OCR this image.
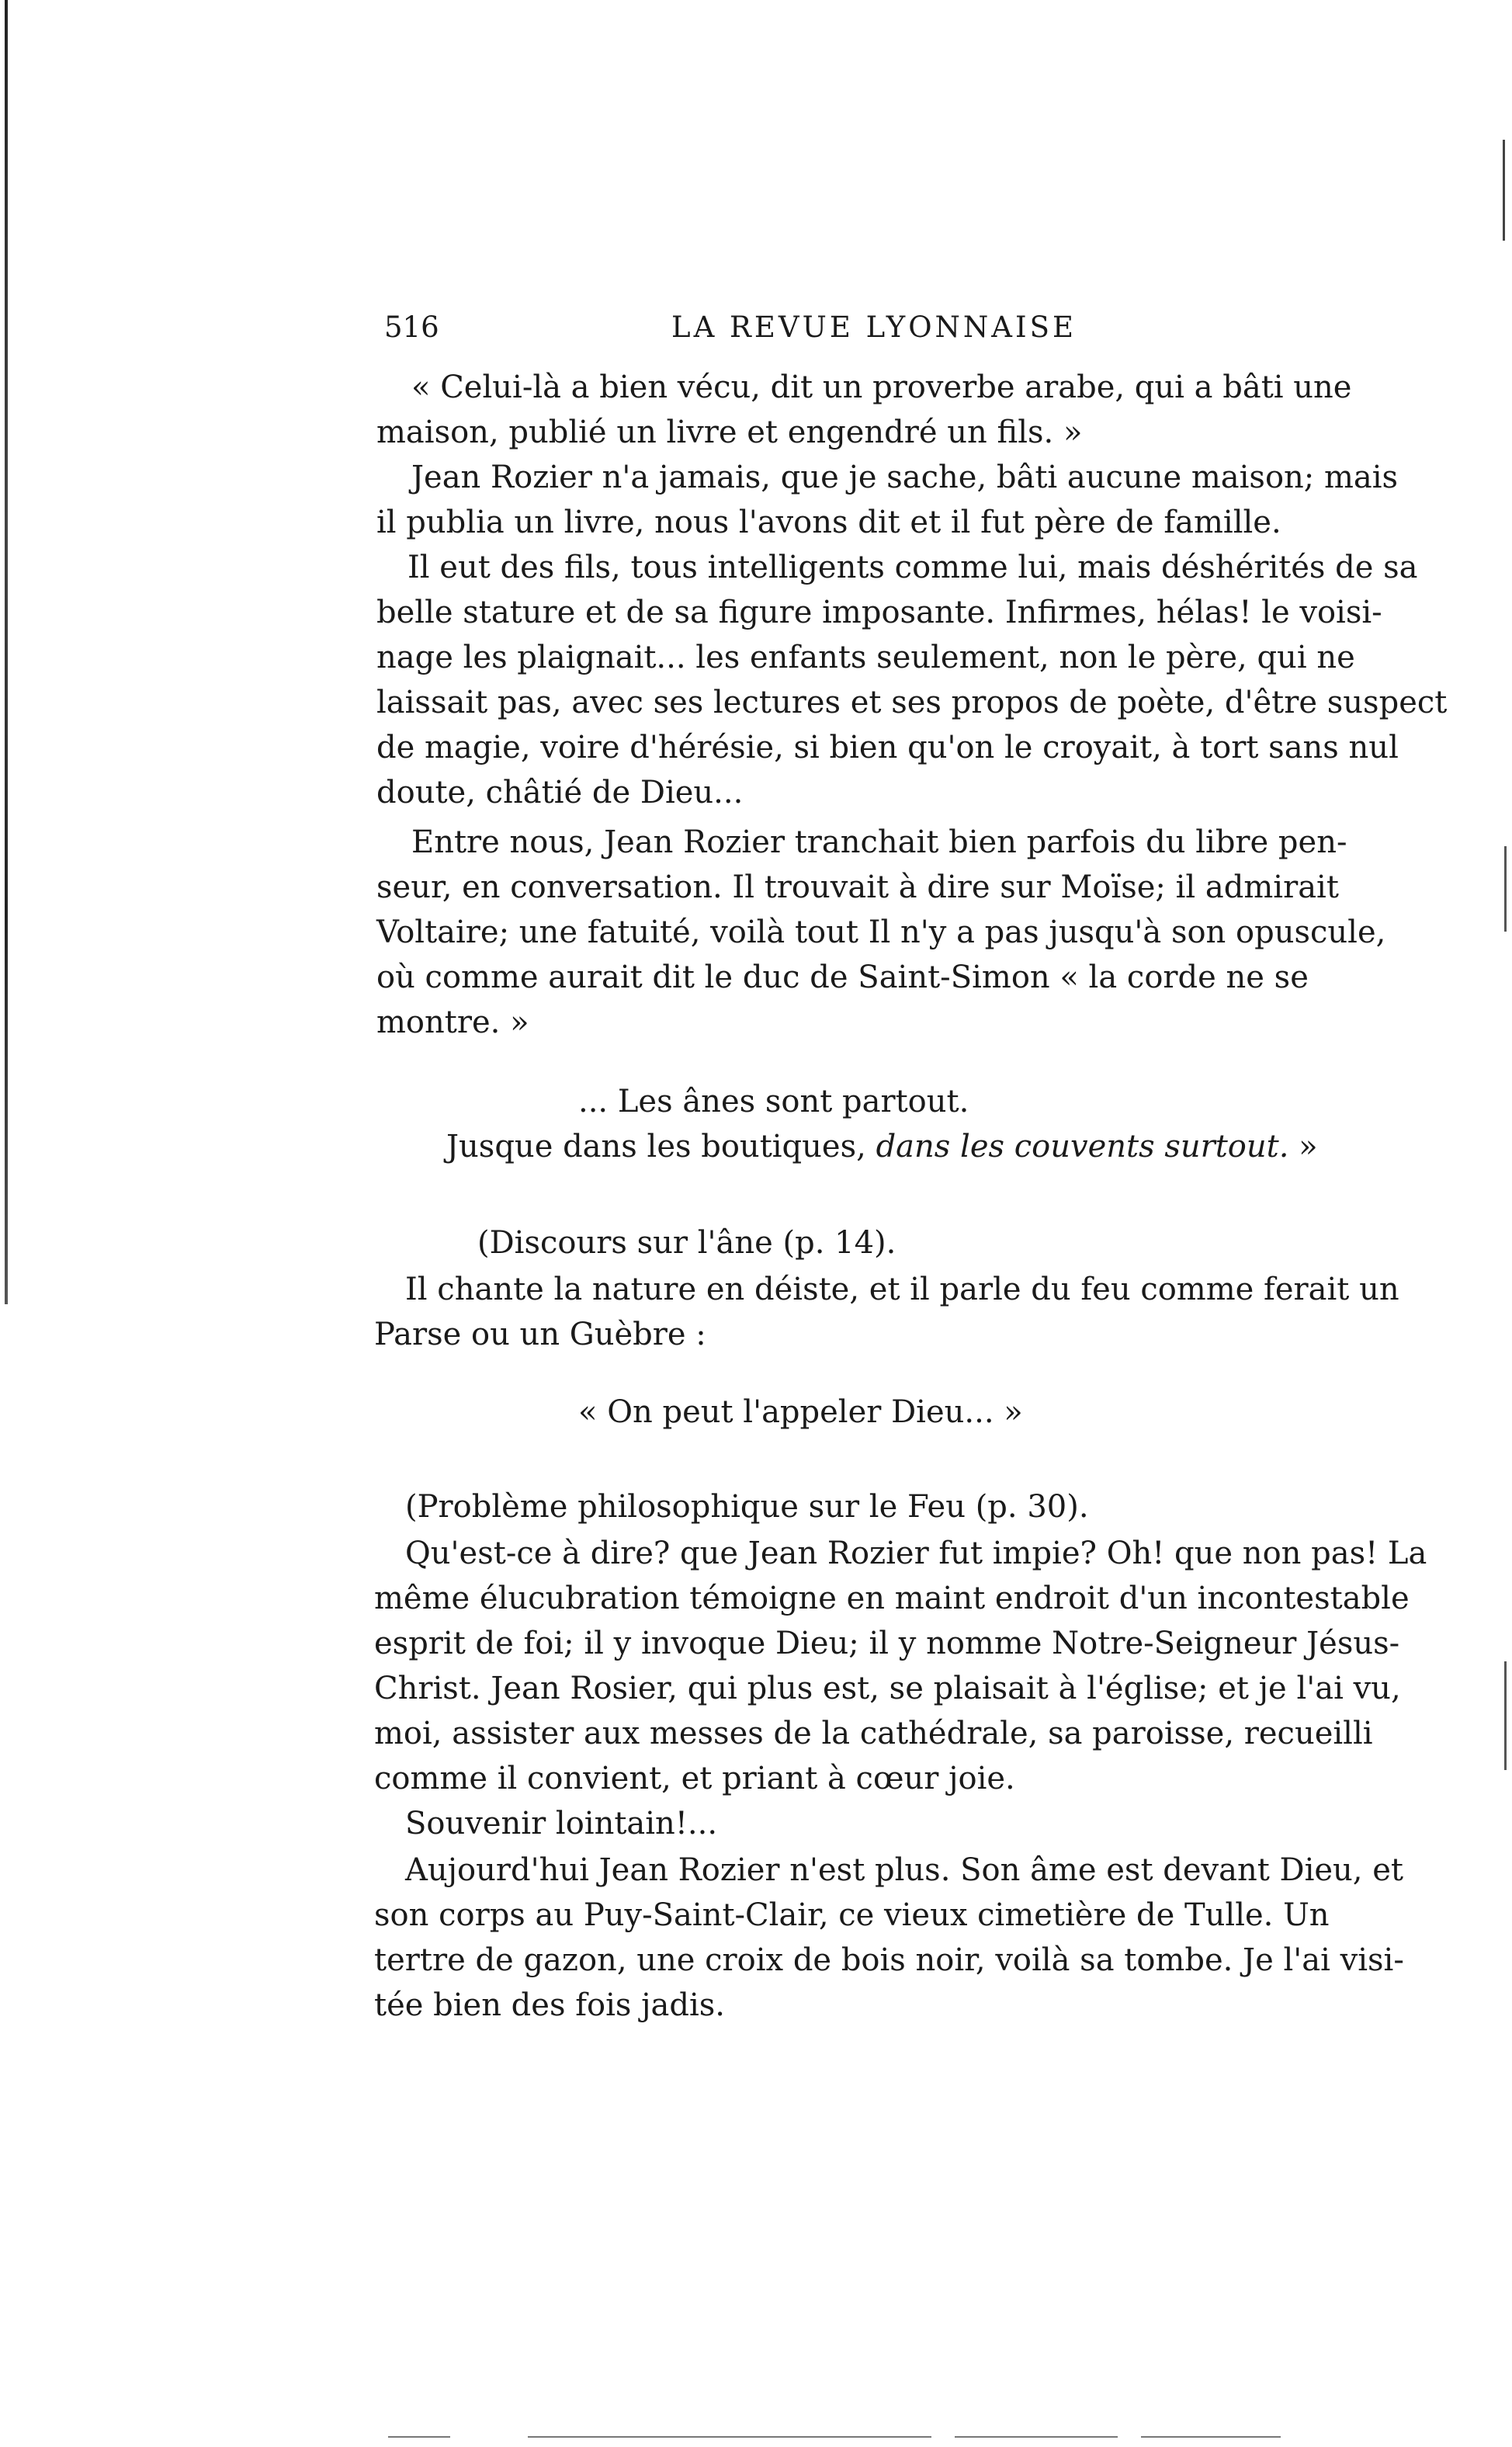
516	LA REVUE LYONNAISE
« Celui-là a bien vécu, dit un proverbe arabe, qui a bâti une
maison, publié un livre et engendré un fils. »
Jean Rozier n'a jamais, que je sache, bâti aucune maison; mais
il publia un livre, nous l'avons dit et il fut père de famille.
Il eut des fils, tous intelligents comme lui, mais déshérités de sa
belle stature et de sa figure imposante. Infirmes, hélas! le voisi-
nage les plaignait... les enfants seulement, non le père, qui ne
laissait pas, avec ses lectures et ses propos de poète, d'être suspect
de magie, voire d'hérésie, si bien qu'on le croyait, à tort sans nul
doute, châtié de Dieu...
Entre nous, Jean Rozier tranchait bien parfois du libre pen-
seur, en conversation. Il trouvait à dire sur Moïse; il admirait
Voltaire; une fatuité, voilà tout Il n'y a pas jusqu'à son opuscule,
où comme aurait dit le duc de Saint-Simon « la corde ne se
montre. »
... Les ânes sont partout.
Jusque dans les boutiques, dans les couvents surtout. »
(Discours sur l'âne (p. 14).
Il chante la nature en déiste, et il parle du feu comme ferait un
Parse ou un Guèbre :
« On peut l'appeler Dieu... »
(Problème philosophique sur le Feu (p. 30).
Qu'est-ce à dire? que Jean Rozier fut impie? Oh! que non pas! La
même élucubration témoigne en maint endroit d'un incontestable
esprit de foi; il y invoque Dieu; il y nomme Notre-Seigneur Jésus-
Christ. Jean Rosier, qui plus est, se plaisait à l'église; et je l'ai vu,
moi, assister aux messes de la cathédrale, sa paroisse, recueilli
comme il convient, et priant à cœur joie.
Souvenir lointain!...
Aujourd'hui Jean Rozier n'est plus. Son âme est devant Dieu, et
son corps au Puy-Saint-Clair, ce vieux cimetière de Tulle. Un
tertre de gazon, une croix de bois noir, voilà sa tombe. Je l'ai visi-
tée bien des fois jadis.
